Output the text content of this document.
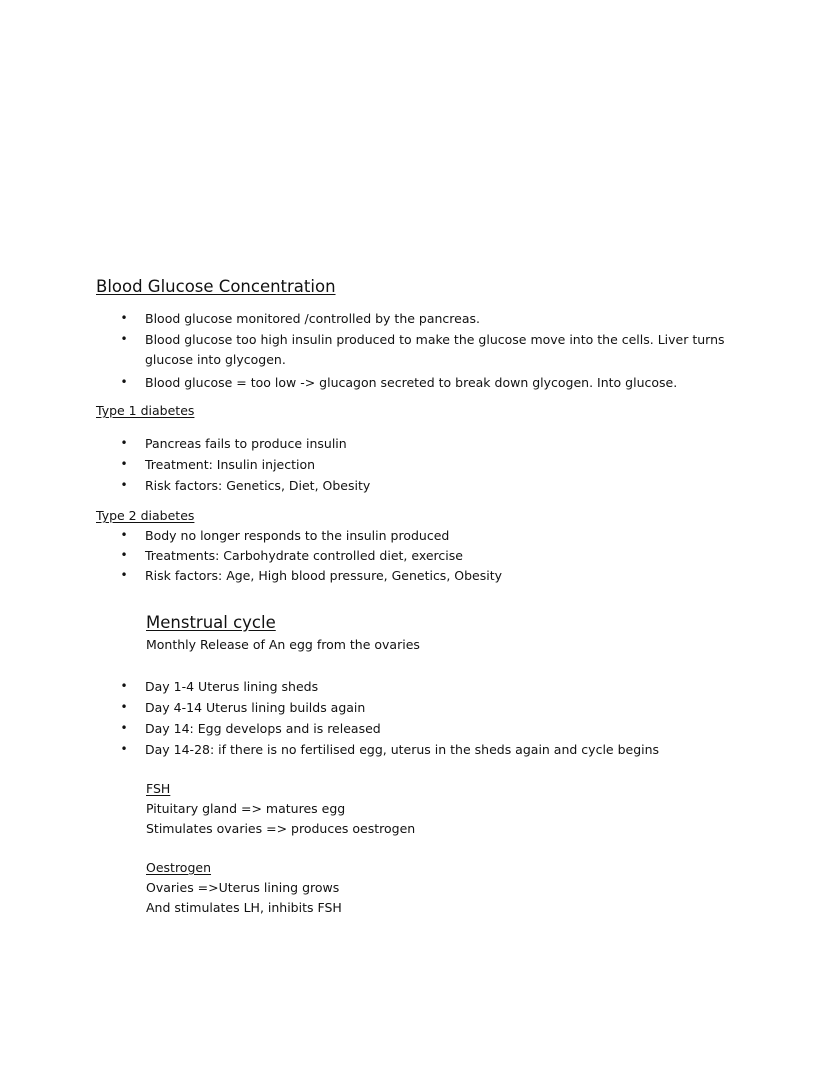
Blood Glucose Concentration
• Blood glucose monitored /controlled by the pancreas.
• Blood glucose too high insulin produced to make the glucose move into the cells. Liver turns
glucose into glycogen.
• Blood glucose = too low -> glucagon secreted to break down glycogen. Into glucose.
Type 1 diabetes
• Pancreas fails to produce insulin
• Treatment: Insulin injection
• Risk factors: Genetics, Diet, Obesity
Type 2 diabetes
• Body no longer responds to the insulin produced
• Treatments: Carbohydrate controlled diet, exercise
• Risk factors: Age, High blood pressure, Genetics, Obesity
Menstrual cycle
Monthly Release of An egg from the ovaries
• Day 1-4 Uterus lining sheds
• Day 4-14 Uterus lining builds again
• Day 14: Egg develops and is released
• Day 14-28: if there is no fertilised egg, uterus in the sheds again and cycle begins
FSH
Pituitary gland => matures egg
Stimulates ovaries => produces oestrogen
Oestrogen
Ovaries =>Uterus lining grows
And stimulates LH, inhibits FSH
